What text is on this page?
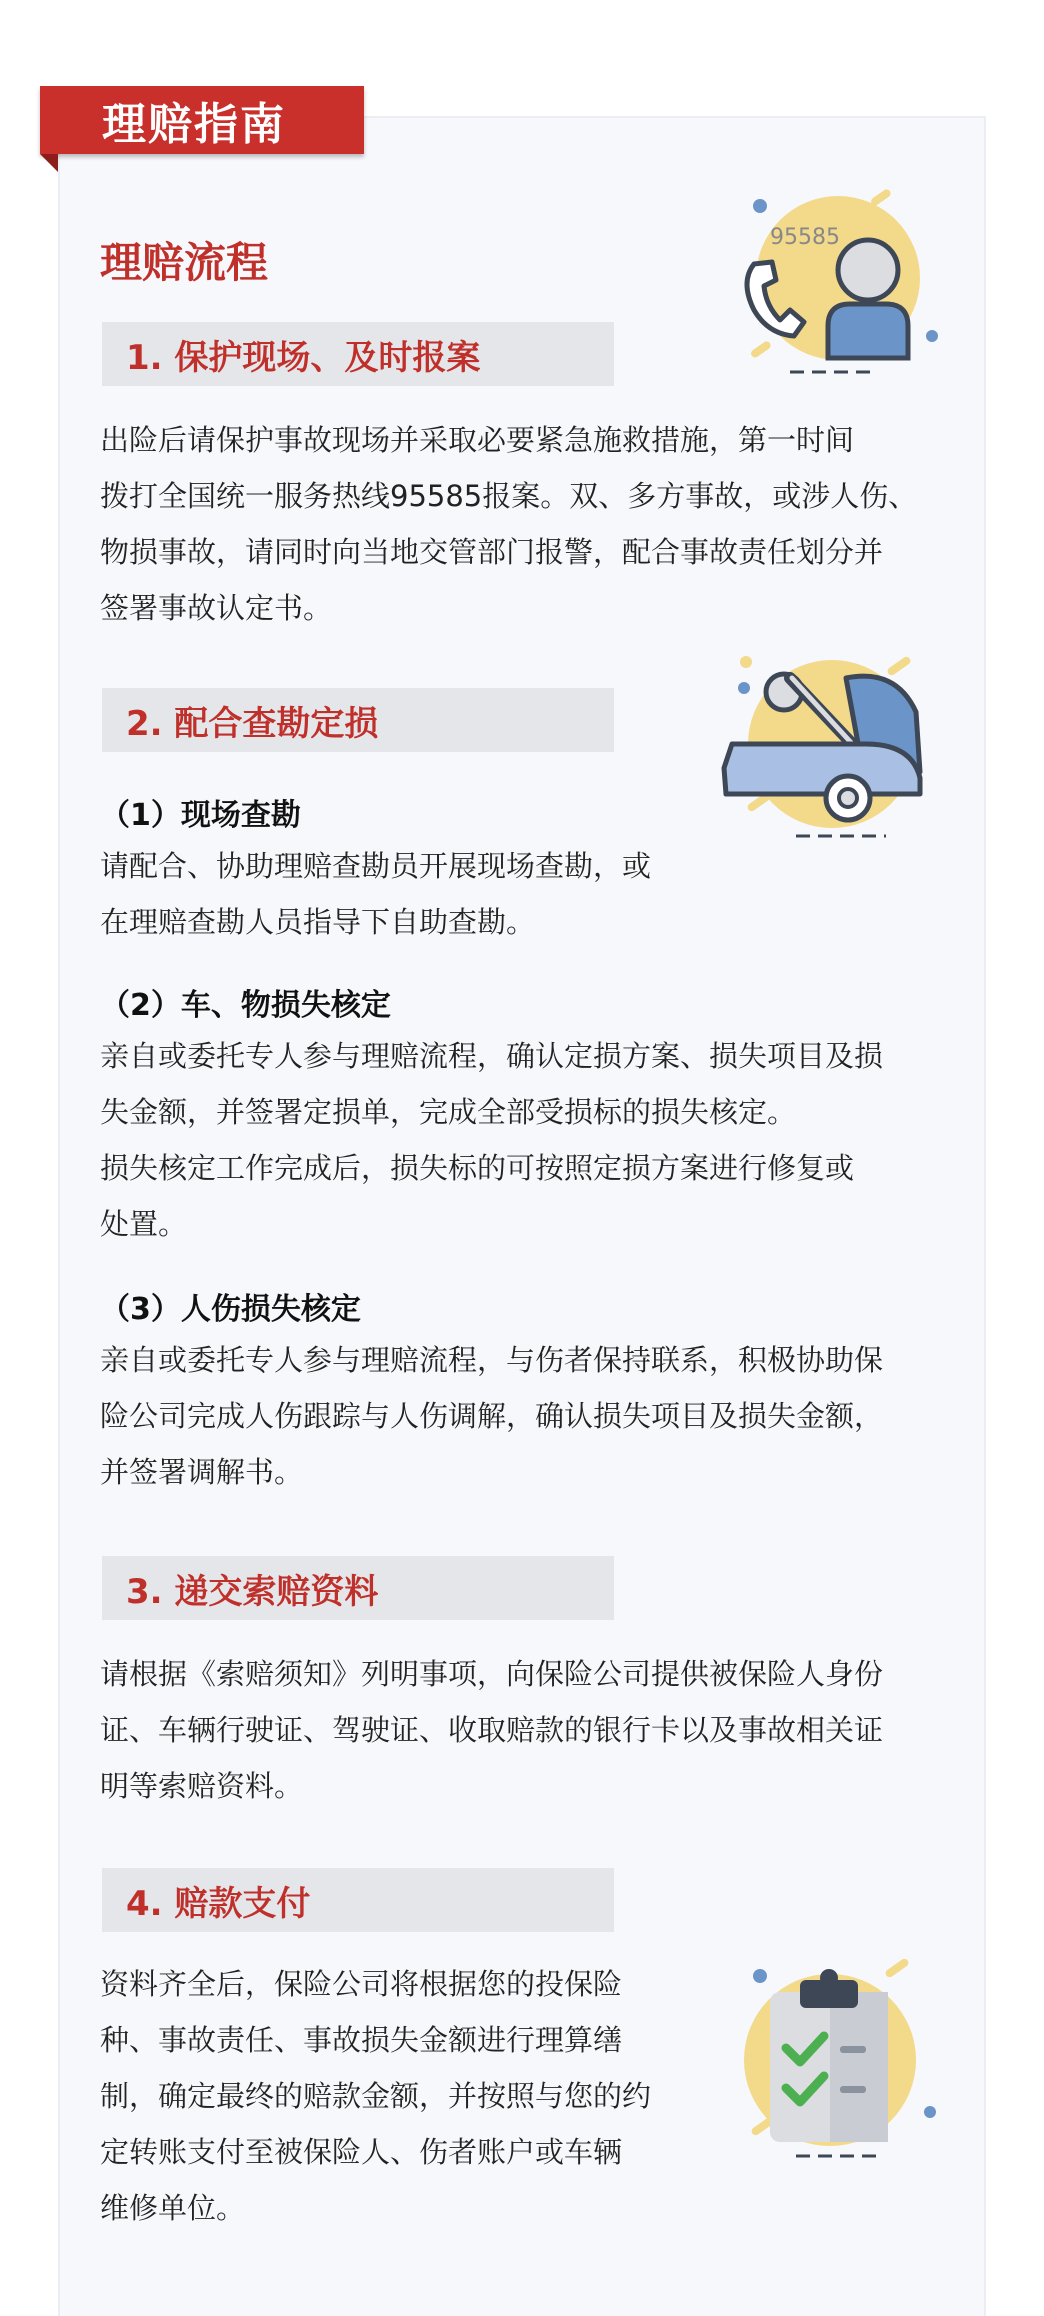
理赔指南
理赔流程
1. 保护现场、及时报案
出险后请保护事故现场并采取必要紧急施救措施，第一时间
拨打全国统一服务热线95585报案。双、多方事故，或涉人伤、
物损事故，请同时向当地交管部门报警，配合事故责任划分并
签署事故认定书。
95585
2. 配合查勘定损
（1）现场查勘
请配合、协助理赔查勘员开展现场查勘，或
在理赔查勘人员指导下自助查勘。
（2）车、物损失核定
亲自或委托专人参与理赔流程，确认定损方案、损失项目及损
失金额，并签署定损单，完成全部受损标的损失核定。
损失核定工作完成后，损失标的可按照定损方案进行修复或
处置。
（3）人伤损失核定
亲自或委托专人参与理赔流程，与伤者保持联系，积极协助保
险公司完成人伤跟踪与人伤调解，确认损失项目及损失金额，
并签署调解书。
3. 递交索赔资料
请根据《索赔须知》列明事项，向保险公司提供被保险人身份
证、车辆行驶证、驾驶证、收取赔款的银行卡以及事故相关证
明等索赔资料。
4. 赔款支付
资料齐全后，保险公司将根据您的投保险
种、事故责任、事故损失金额进行理算缮
制，确定最终的赔款金额，并按照与您的约
定转账支付至被保险人、伤者账户或车辆
维修单位。
